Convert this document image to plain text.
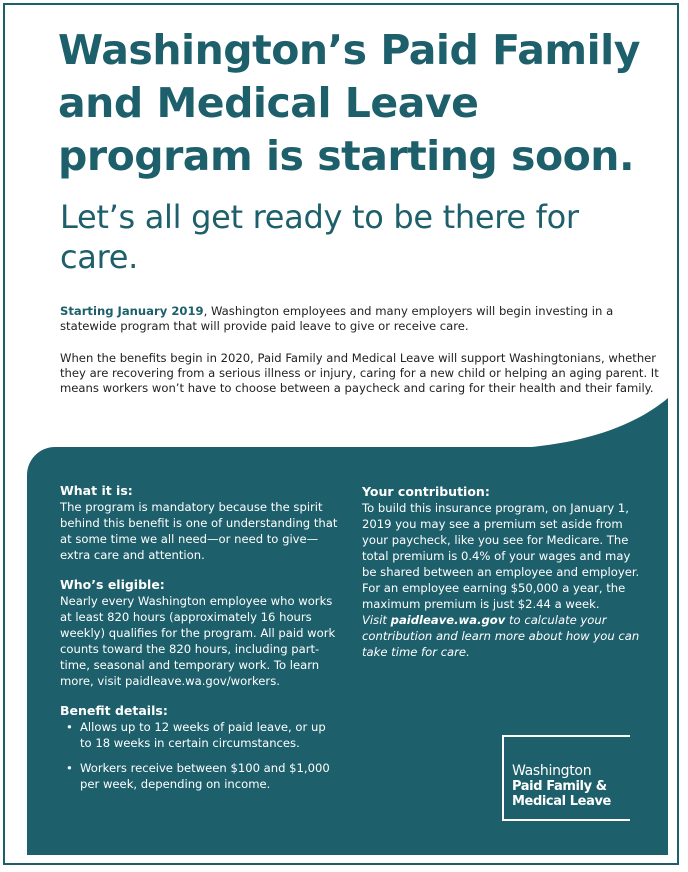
Washington’s Paid Family and Medical Leave program is starting soon.
Let’s all get ready to be there for care.

Starting January 2019, Washington employees and many employers will begin investing in a statewide program that will provide paid leave to give or receive care.

When the benefits begin in 2020, Paid Family and Medical Leave will support Washingtonians, whether they are recovering from a serious illness or injury, caring for a new child or helping an aging parent. It means workers won’t have to choose between a paycheck and caring for their health and their family.

What it is:

The program is mandatory because the spirit behind this benefit is one of understanding that at some time we all need—or need to give—extra care and attention.

Who’s eligible:

Nearly every Washington employee who works at least 820 hours (approximately 16 hours weekly) qualifies for the program. All paid work counts toward the 820 hours, including part-time, seasonal and temporary work. To learn more, visit paidleave.wa.gov/workers.

Benefit details:
• Allows up to 12 weeks of paid leave, or up to 18 weeks in certain circumstances.
• Workers receive between $100 and $1,000 per week, depending on income.
Your contribution:

To build this insurance program, on January 1, 2019 you may see a premium set aside from your paycheck, like you see for Medicare. The total premium is 0.4% of your wages and may be shared between an employee and employer. For an employee earning $50,000 a year, the maximum premium is just $2.44 a week.

Visit paidleave.wa.gov to calculate your contribution and learn more about how you can take time for care.

Washington
Paid Family &
Medical Leave
